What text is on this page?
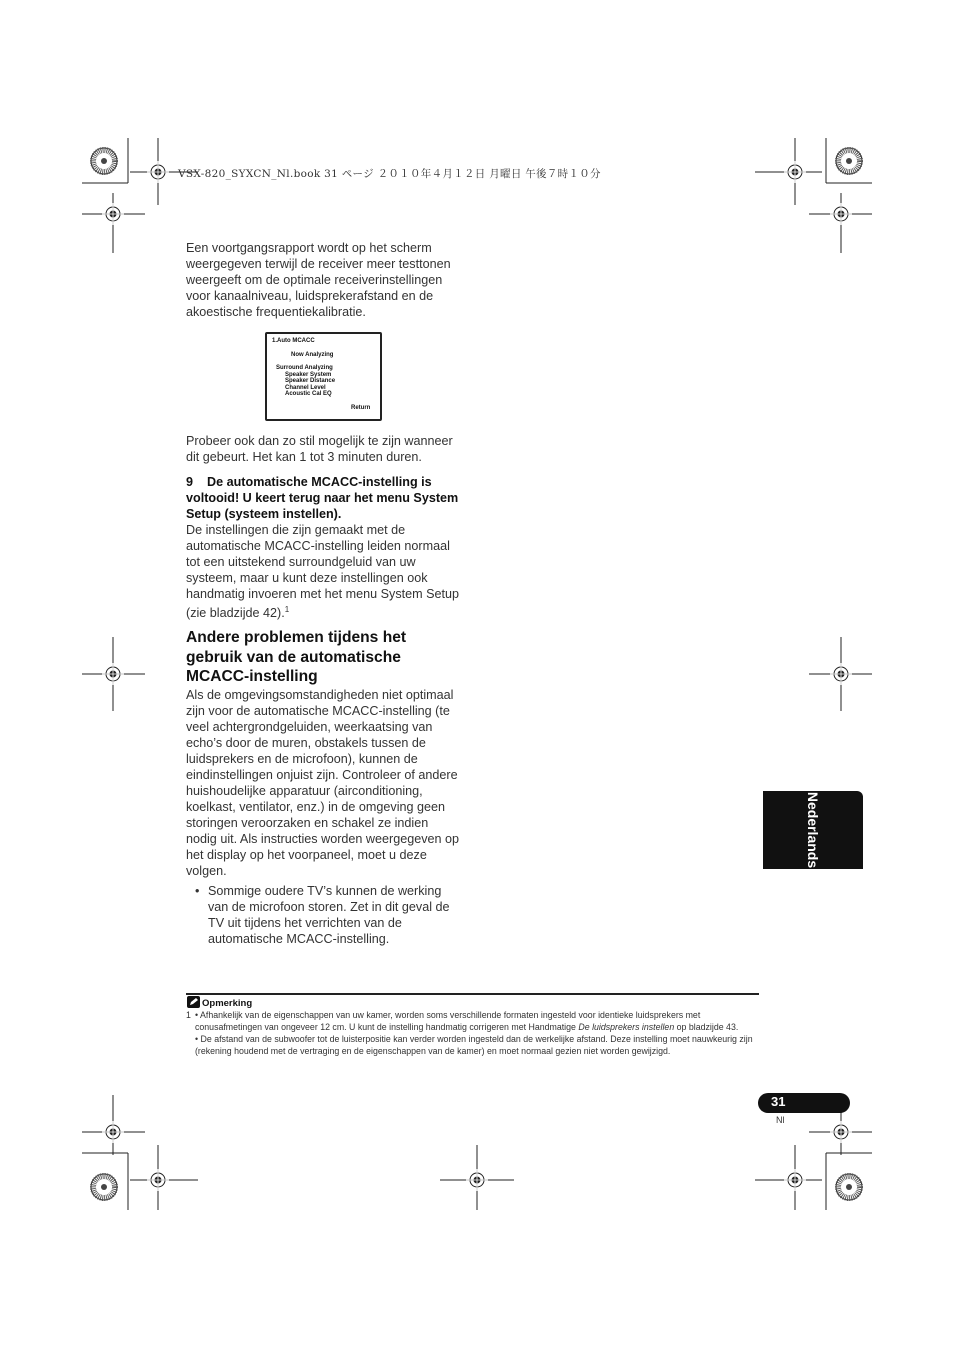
VSX-820_SYXCN_Nl.book 31 ページ ２０１０年４月１２日 月曜日 午後７時１０分

Een voortgangsrapport wordt op het scherm weergegeven terwijl de receiver meer testtonen weergeeft om de optimale receiverinstellingen voor kanaalniveau, luidsprekerafstand en de akoestische frequentiekalibratie.

1.Auto MCACC
Now Analyzing
Surround Analyzing
Speaker System
Speaker Distance
Channel Level
Acoustic Cal EQ
Return

Probeer ook dan zo stil mogelijk te zijn wanneer dit gebeurt. Het kan 1 tot 3 minuten duren.

9 De automatische MCACC-instelling is voltooid! U keert terug naar het menu System Setup (systeem instellen).

De instellingen die zijn gemaakt met de automatische MCACC-instelling leiden normaal tot een uitstekend surroundgeluid van uw systeem, maar u kunt deze instellingen ook handmatig invoeren met het menu System Setup (zie bladzijde 42).$^1$

Andere problemen tijdens het gebruik van de automatische MCACC-instelling

Als de omgevingsomstandigheden niet optimaal zijn voor de automatische MCACC-instelling (te veel achtergrondgeluiden, weerkaatsing van echo’s door de muren, obstakels tussen de luidsprekers en de microfoon), kunnen de eindinstellingen onjuist zijn. Controleer of andere huishoudelijke apparatuur (airconditioning, koelkast, ventilator, enz.) in de omgeving geen storingen veroorzaken en schakel ze indien nodig uit. Als instructies worden weergegeven op het display op het voorpaneel, moet u deze volgen.

• Sommige oudere TV’s kunnen de werking van de microfoon storen. Zet in dit geval de TV uit tijdens het verrichten van de automatische MCACC-instelling.
Nederlands
Opmerking
1 • Afhankelijk van de eigenschappen van uw kamer, worden soms verschillende formaten ingesteld voor identieke luidsprekers met conusafmetingen van ongeveer 12 cm. U kunt de instelling handmatig corrigeren met Handmatige De luidsprekers instellen op bladzijde 43.
• De afstand van de subwoofer tot de luisterpositie kan verder worden ingesteld dan de werkelijke afstand. Deze instelling moet nauwkeurig zijn (rekening houdend met de vertraging en de eigenschappen van de kamer) en moet normaal gezien niet worden gewijzigd.
31
Nl
